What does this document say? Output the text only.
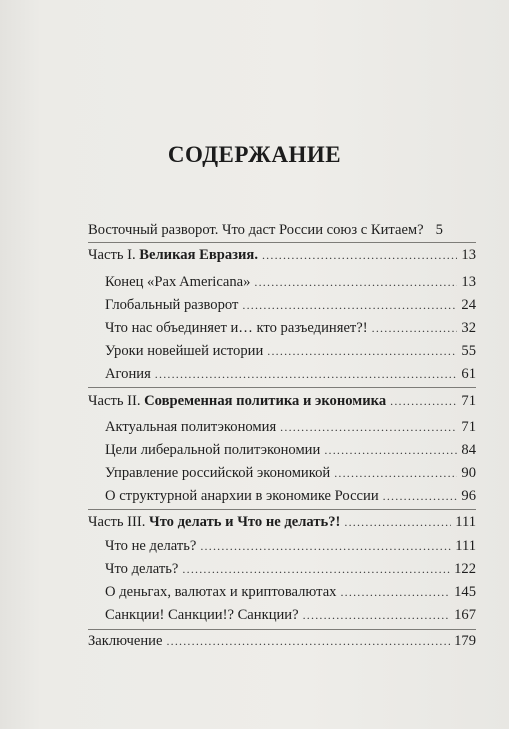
СОДЕРЖАНИЕ
Восточный разворот. Что даст России союз с Китаем? 5
Часть I. Великая Евразия. .....	13
Конец «Pax Americana» .....	13
Глобальный разворот .....	24
Что нас объединяет и… кто разъединяет?! .....	32
Уроки новейшей истории .....	55
Агония .....	61
Часть II. Современная политика и экономика .....	71
Актуальная политэкономия .....	71
Цели либеральной политэкономии .....	84
Управление российской экономикой .....	90
О структурной анархии в экономике России .....	96
Часть III. Что делать и Что не делать?! .....	111
Что не делать? .....	111
Что делать? .....	122
О деньгах, валютах и криптовалютах .....	145
Санкции! Санкции!? Санкции? .....	167
Заключение .....	179
